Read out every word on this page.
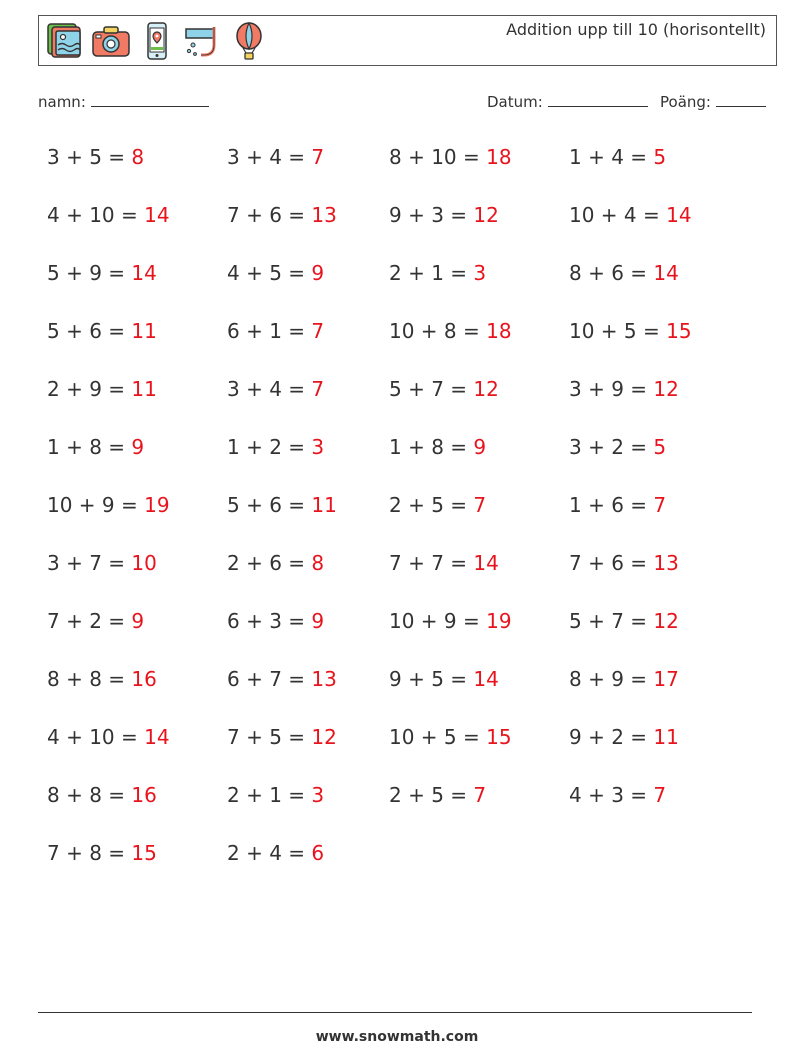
Addition upp till 10 (horisontellt)
namn:	Datum:	Poäng:
3 + 5 = 8	3 + 4 = 7	8 + 10 = 18	1 + 4 = 5
4 + 10 = 14	7 + 6 = 13	9 + 3 = 12	10 + 4 = 14
5 + 9 = 14	4 + 5 = 9	2 + 1 = 3	8 + 6 = 14
5 + 6 = 11	6 + 1 = 7	10 + 8 = 18	10 + 5 = 15
2 + 9 = 11	3 + 4 = 7	5 + 7 = 12	3 + 9 = 12
1 + 8 = 9	1 + 2 = 3	1 + 8 = 9	3 + 2 = 5
10 + 9 = 19	5 + 6 = 11	2 + 5 = 7	1 + 6 = 7
3 + 7 = 10	2 + 6 = 8	7 + 7 = 14	7 + 6 = 13
7 + 2 = 9	6 + 3 = 9	10 + 9 = 19	5 + 7 = 12
8 + 8 = 16	6 + 7 = 13	9 + 5 = 14	8 + 9 = 17
4 + 10 = 14	7 + 5 = 12	10 + 5 = 15	9 + 2 = 11
8 + 8 = 16	2 + 1 = 3	2 + 5 = 7	4 + 3 = 7
7 + 8 = 15	2 + 4 = 6
www.snowmath.com
